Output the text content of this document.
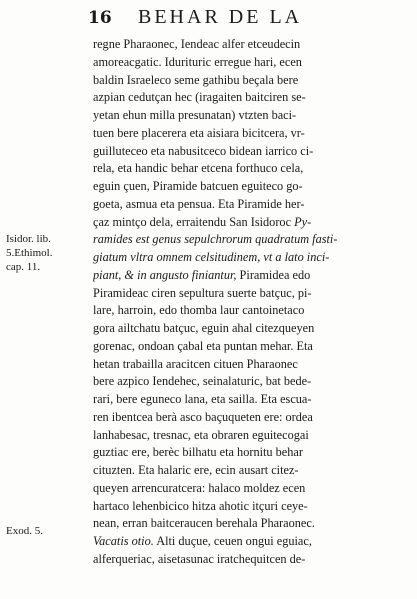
16 BEHAR DE LA
Isidor. lib.
5.Ethimol.
cap. 11.
Exod. 5.
regne Pharaonec, Iendeac alfer etceudecin
amoreacgatic. Idurituric erregue hari, ecen
baldin Israeleco seme gathibu beçala bere
azpian cedutçan hec (iragaiten baitciren se-
yetan ehun milla presunatan) vtzten baci-
tuen bere placerera eta aisiara bicitcera, vr-
guilluteceo eta nabusitceco bidean iarrico ci-
rela, eta handic behar etcena forthuco cela,
eguin çuen, Piramide batcuen eguiteco go-
goeta, asmua eta pensua. Eta Piramide her-
çaz mintço dela, erraitendu San Isidoroc Py-
ramides est genus sepulchrorum quadratum fasti-
giatum vltra omnem celsitudinem, vt a lato inci-
piant, & in angusto finiantur, Piramidea edo
Piramideac ciren sepultura suerte batçuc, pi-
lare, harroin, edo thomba laur cantoinetaco
gora ailtchatu batçuc, eguin ahal citezqueyen
gorenac, ondoan çabal eta puntan mehar. Eta
hetan trabailla aracitcen cituen Pharaonec
bere azpico Iendehec, seinalaturic, bat bede-
rari, bere eguneco lana, eta sailla. Eta escua-
ren ibentcea berà asco baçuqueten ere: ordea
lanhabesac, tresnac, eta obraren eguitecogai
guztiac ere, berèc bilhatu eta hornitu behar
cituzten. Eta halaric ere, ecin ausart citez-
queyen arrencuratcera: halaco moldez ecen
hartaco lehenbicico hitza ahotic itçuri ceye-
nean, erran baitceraucen berehala Pharaonec.
Vacatis otio. Alti duçue, ceuen ongui eguiac,
alferqueriac, aisetasunac iratchequitcen de-
